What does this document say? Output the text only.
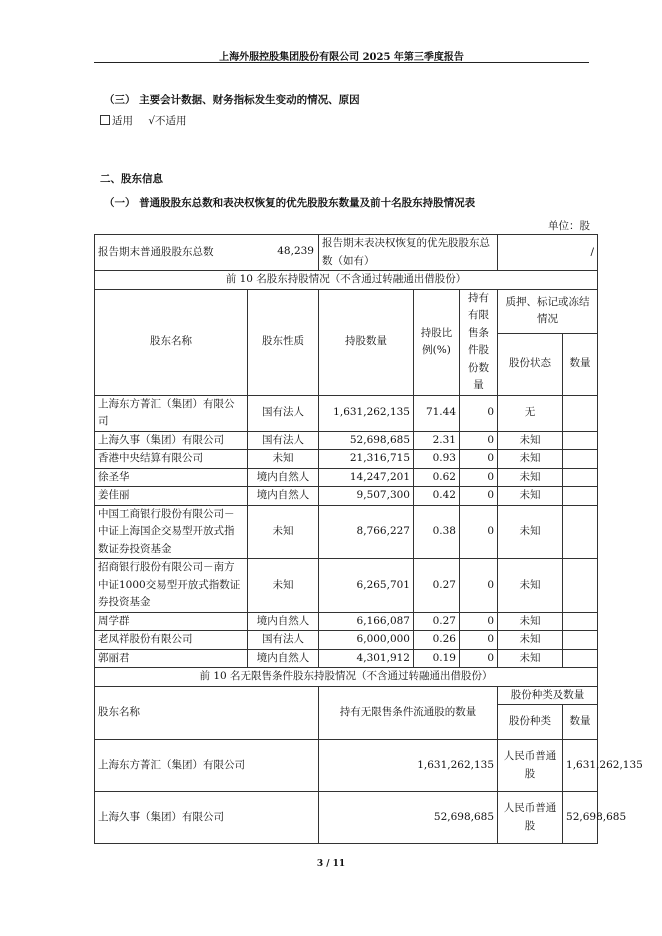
上海外服控股集团股份有限公司 2025 年第三季度报告
（三） 主要会计数据、财务指标发生变动的情况、原因
适用 √不适用
二、股东信息
（一） 普通股股东总数和表决权恢复的优先股股东数量及前十名股东持股情况表
单位：股
报告期末普通股股东总数 48,239		报告期末表决权恢复的优先股股东总数（如有）			/	
前 10 名股东持股情况（不含通过转融通出借股份）						
股东名称	股东性质	持股数量	持股比例(%)	持有有限售条件股份数量	质押、标记或冻结情况	
					股份状态	数量
上海东方菁汇（集团）有限公司	国有法人	1,631,262,135	71.44	0	无	
上海久事（集团）有限公司	国有法人	52,698,685	2.31	0	未知	
香港中央结算有限公司	未知	21,316,715	0.93	0	未知	
徐圣华	境内自然人	14,247,201	0.62	0	未知	
姜佳丽	境内自然人	9,507,300	0.42	0	未知	
中国工商银行股份有限公司－中证上海国企交易型开放式指数证券投资基金	未知	8,766,227	0.38	0	未知	
招商银行股份有限公司－南方中证1000交易型开放式指数证券投资基金	未知	6,265,701	0.27	0	未知	
周学群	境内自然人	6,166,087	0.27	0	未知	
老凤祥股份有限公司	国有法人	6,000,000	0.26	0	未知	
郭丽君	境内自然人	4,301,912	0.19	0	未知	
前 10 名无限售条件股东持股情况（不含通过转融通出借股份）						
股东名称		持有无限售条件流通股的数量			股份种类及数量	
					股份种类	数量
上海东方菁汇（集团）有限公司		1,631,262,135			人民币普通股	1,631,262,135
上海久事（集团）有限公司		52,698,685			人民币普通股	52,698,685
3 / 11
